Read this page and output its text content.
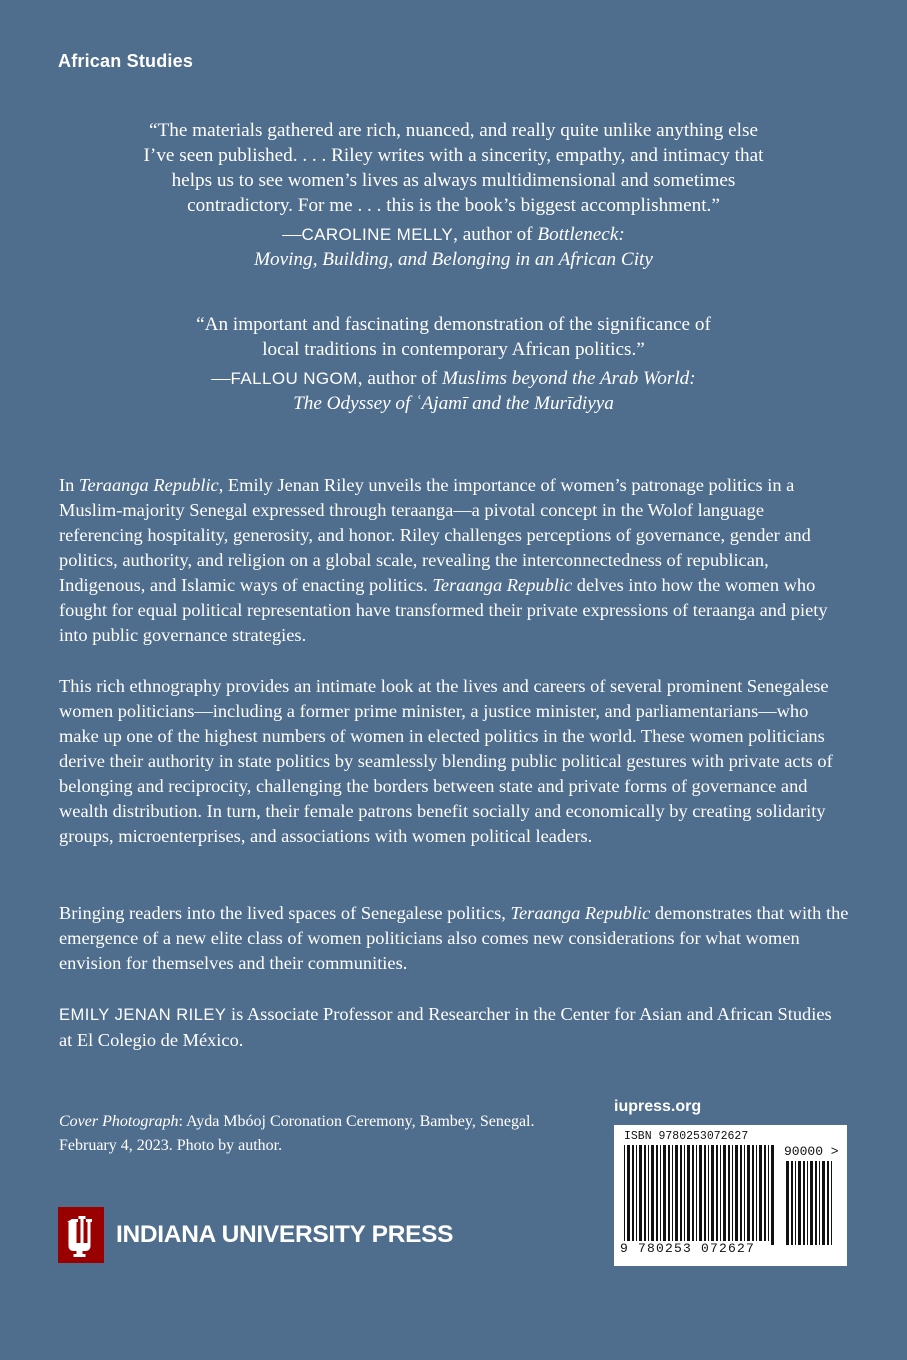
African Studies
“The materials gathered are rich, nuanced, and really quite unlike anything else
I’ve seen published. . . . Riley writes with a sincerity, empathy, and intimacy that
helps us to see women’s lives as always multidimensional and sometimes
contradictory. For me . . . this is the book’s biggest accomplishment.”
—CAROLINE MELLY, author of Bottleneck:
Moving, Building, and Belonging in an African City
“An important and fascinating demonstration of the significance of
local traditions in contemporary African politics.”
—FALLOU NGOM, author of Muslims beyond the Arab World:
The Odyssey of ʿAjamī and the Murīdiyya

In Teraanga Republic, Emily Jenan Riley unveils the importance of women’s patronage politics in a Muslim-majority Senegal expressed through teraanga—a pivotal concept in the Wolof language referencing hospitality, generosity, and honor. Riley challenges perceptions of governance, gender and politics, authority, and religion on a global scale, revealing the interconnectedness of republican, Indigenous, and Islamic ways of enacting politics. Teraanga Republic delves into how the women who fought for equal political representation have transformed their private expressions of teraanga and piety into public governance strategies.

This rich ethnography provides an intimate look at the lives and careers of several prominent Senegalese women politicians—including a former prime minister, a justice minister, and parliamentarians—who make up one of the highest numbers of women in elected politics in the world. These women politicians derive their authority in state politics by seamlessly blending public political gestures with private acts of belonging and reciprocity, challenging the borders between state and private forms of governance and wealth distribution. In turn, their female patrons benefit socially and economically by creating solidarity groups, microenterprises, and associations with women political leaders.

Bringing readers into the lived spaces of Senegalese politics, Teraanga Republic demonstrates that with the emergence of a new elite class of women politicians also comes new considerations for what women envision for themselves and their communities.

EMILY JENAN RILEY is Associate Professor and Researcher in the Center for Asian and African Studies at El Colegio de México.

Cover Photograph: Ayda Mbóoj Coronation Ceremony, Bambey, Senegal.
February 4, 2023. Photo by author.
iupress.org
ISBN 9780253072627
90000 >
9 780253 072627
INDIANA UNIVERSITY PRESS
